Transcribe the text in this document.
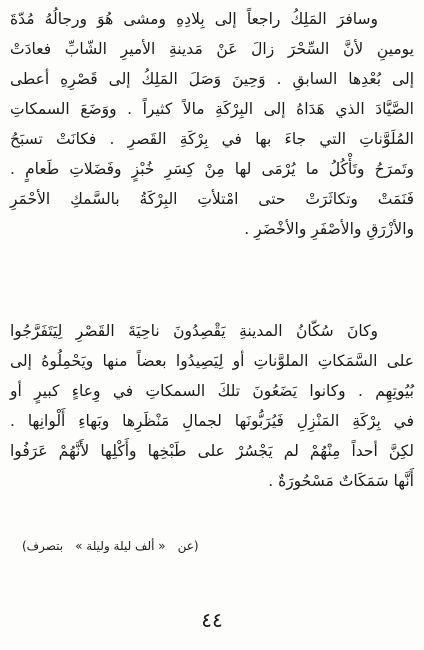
وسافرَ المَلِكُ راجعاً إلى بِلادِهِ ومشى هُوَ ورجالُهُ مُدّةَ
يومينِ لأنَّ السِّحْرَ زالَ عَنْ مَدينةِ الأميرِ الشّابِّ فعادَتْ
إلى بُعْدِها السابقِ . وَحِينَ وَصَلَ المَلِكُ إلى قَصْرِهِ أعطى
الصَّيَّادَ الذي هَدَاهُ إلى البِرْكَةِ مالاً كثيراً . ووَضَعَ السمكاتِ
المُلَوَّناتِ التي جاءَ بها في بِرْكَةِ القَصرِ . فكانَتْ تسبَحُ
وتَمرَحُ وتَأْكُلُ ما يُرْمَى لها مِنْ كِسَرِ خُبْزٍ وفَضَلاتِ طَعامٍ .
فَنَمَتْ وتكاثَرَتْ حتى امْتلأتِ البِرْكَةُ بالسَّمكِ الأحْمَرِ
والأزْرَقِ والأصْفَرِ والأخْضَرِ .
وكانَ سُكّانُ المدينةِ يَقْصِدُونَ ناحِيَةَ القَصْرِ لِيَتَفَرَّجُوا
على السَّمَكاتِ الملوَّناتِ أو لِيَصِيدُوا بعضاً منها ويَحْمِلُوهُ إلى
بُيُوتِهِم . وكانوا يَضَعُونَ تلكَ السمكاتِ في وِعاءٍ كبيرٍ أو
في بِرْكَةِ المَنْزِلِ فَيُرَبُّونَها لجمالِ مَنْظَرِها وبَهاءِ أَلْوانِها .
لكِنَّ أحداً مِنْهُمْ لم يَجْسُرْ على طَبْخِها وأَكْلِها لأَنَّهُمْ عَرَفُوا
أَنَّها سَمَكَاتٌ مَسْحُورَةٌ .
(عن« ألف ليلة وليلة »بتصرف)
٤٤
